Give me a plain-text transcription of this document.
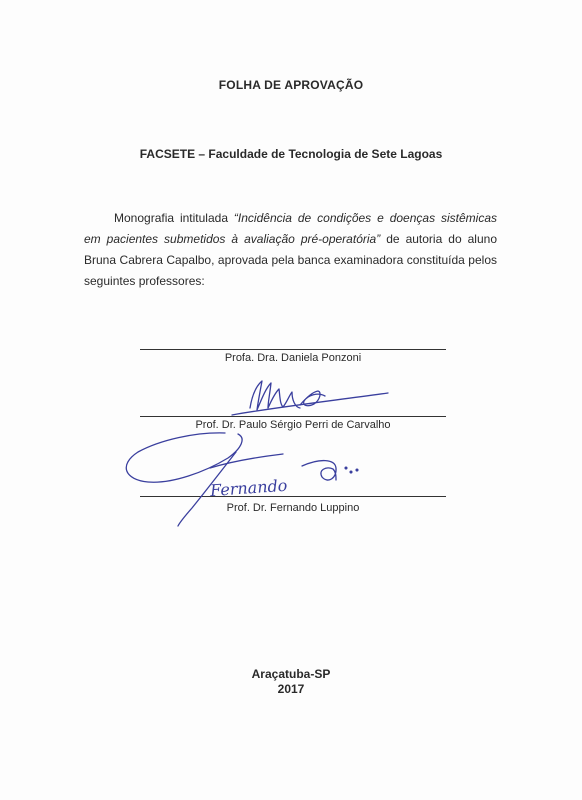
FOLHA DE APROVAÇÃO
FACSETE – Faculdade de Tecnologia de Sete Lagoas

Monografia intitulada “Incidência de condições e doenças sistêmicas em pacientes submetidos à avaliação pré-operatória” de autoria do aluno Bruna Cabrera Capalbo, aprovada pela banca examinadora constituída pelos seguintes professores:

Profa. Dra. Daniela Ponzoni
Prof. Dr. Paulo Sérgio Perri de Carvalho
Prof. Dr. Fernando Luppino
Fernando
Araçatuba-SP
2017
